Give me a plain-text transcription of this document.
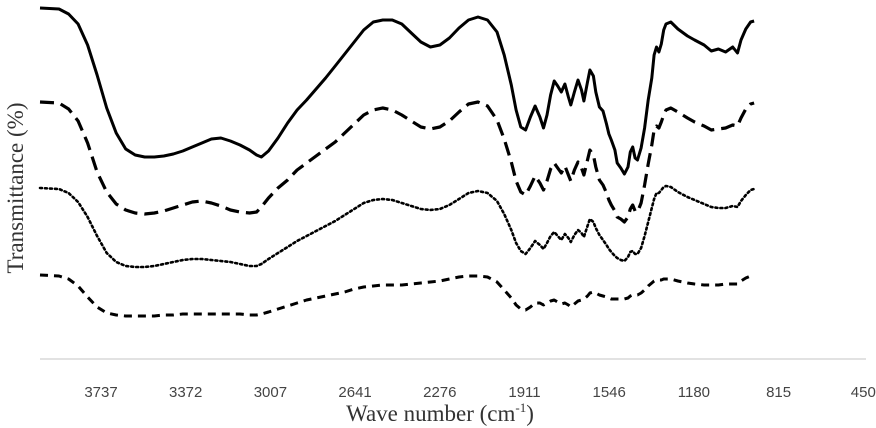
3737	3372	3007	2641	2276	1911	1546	1180	815	450
Wave number $(cm^{-1})$
Transmittance (%)
